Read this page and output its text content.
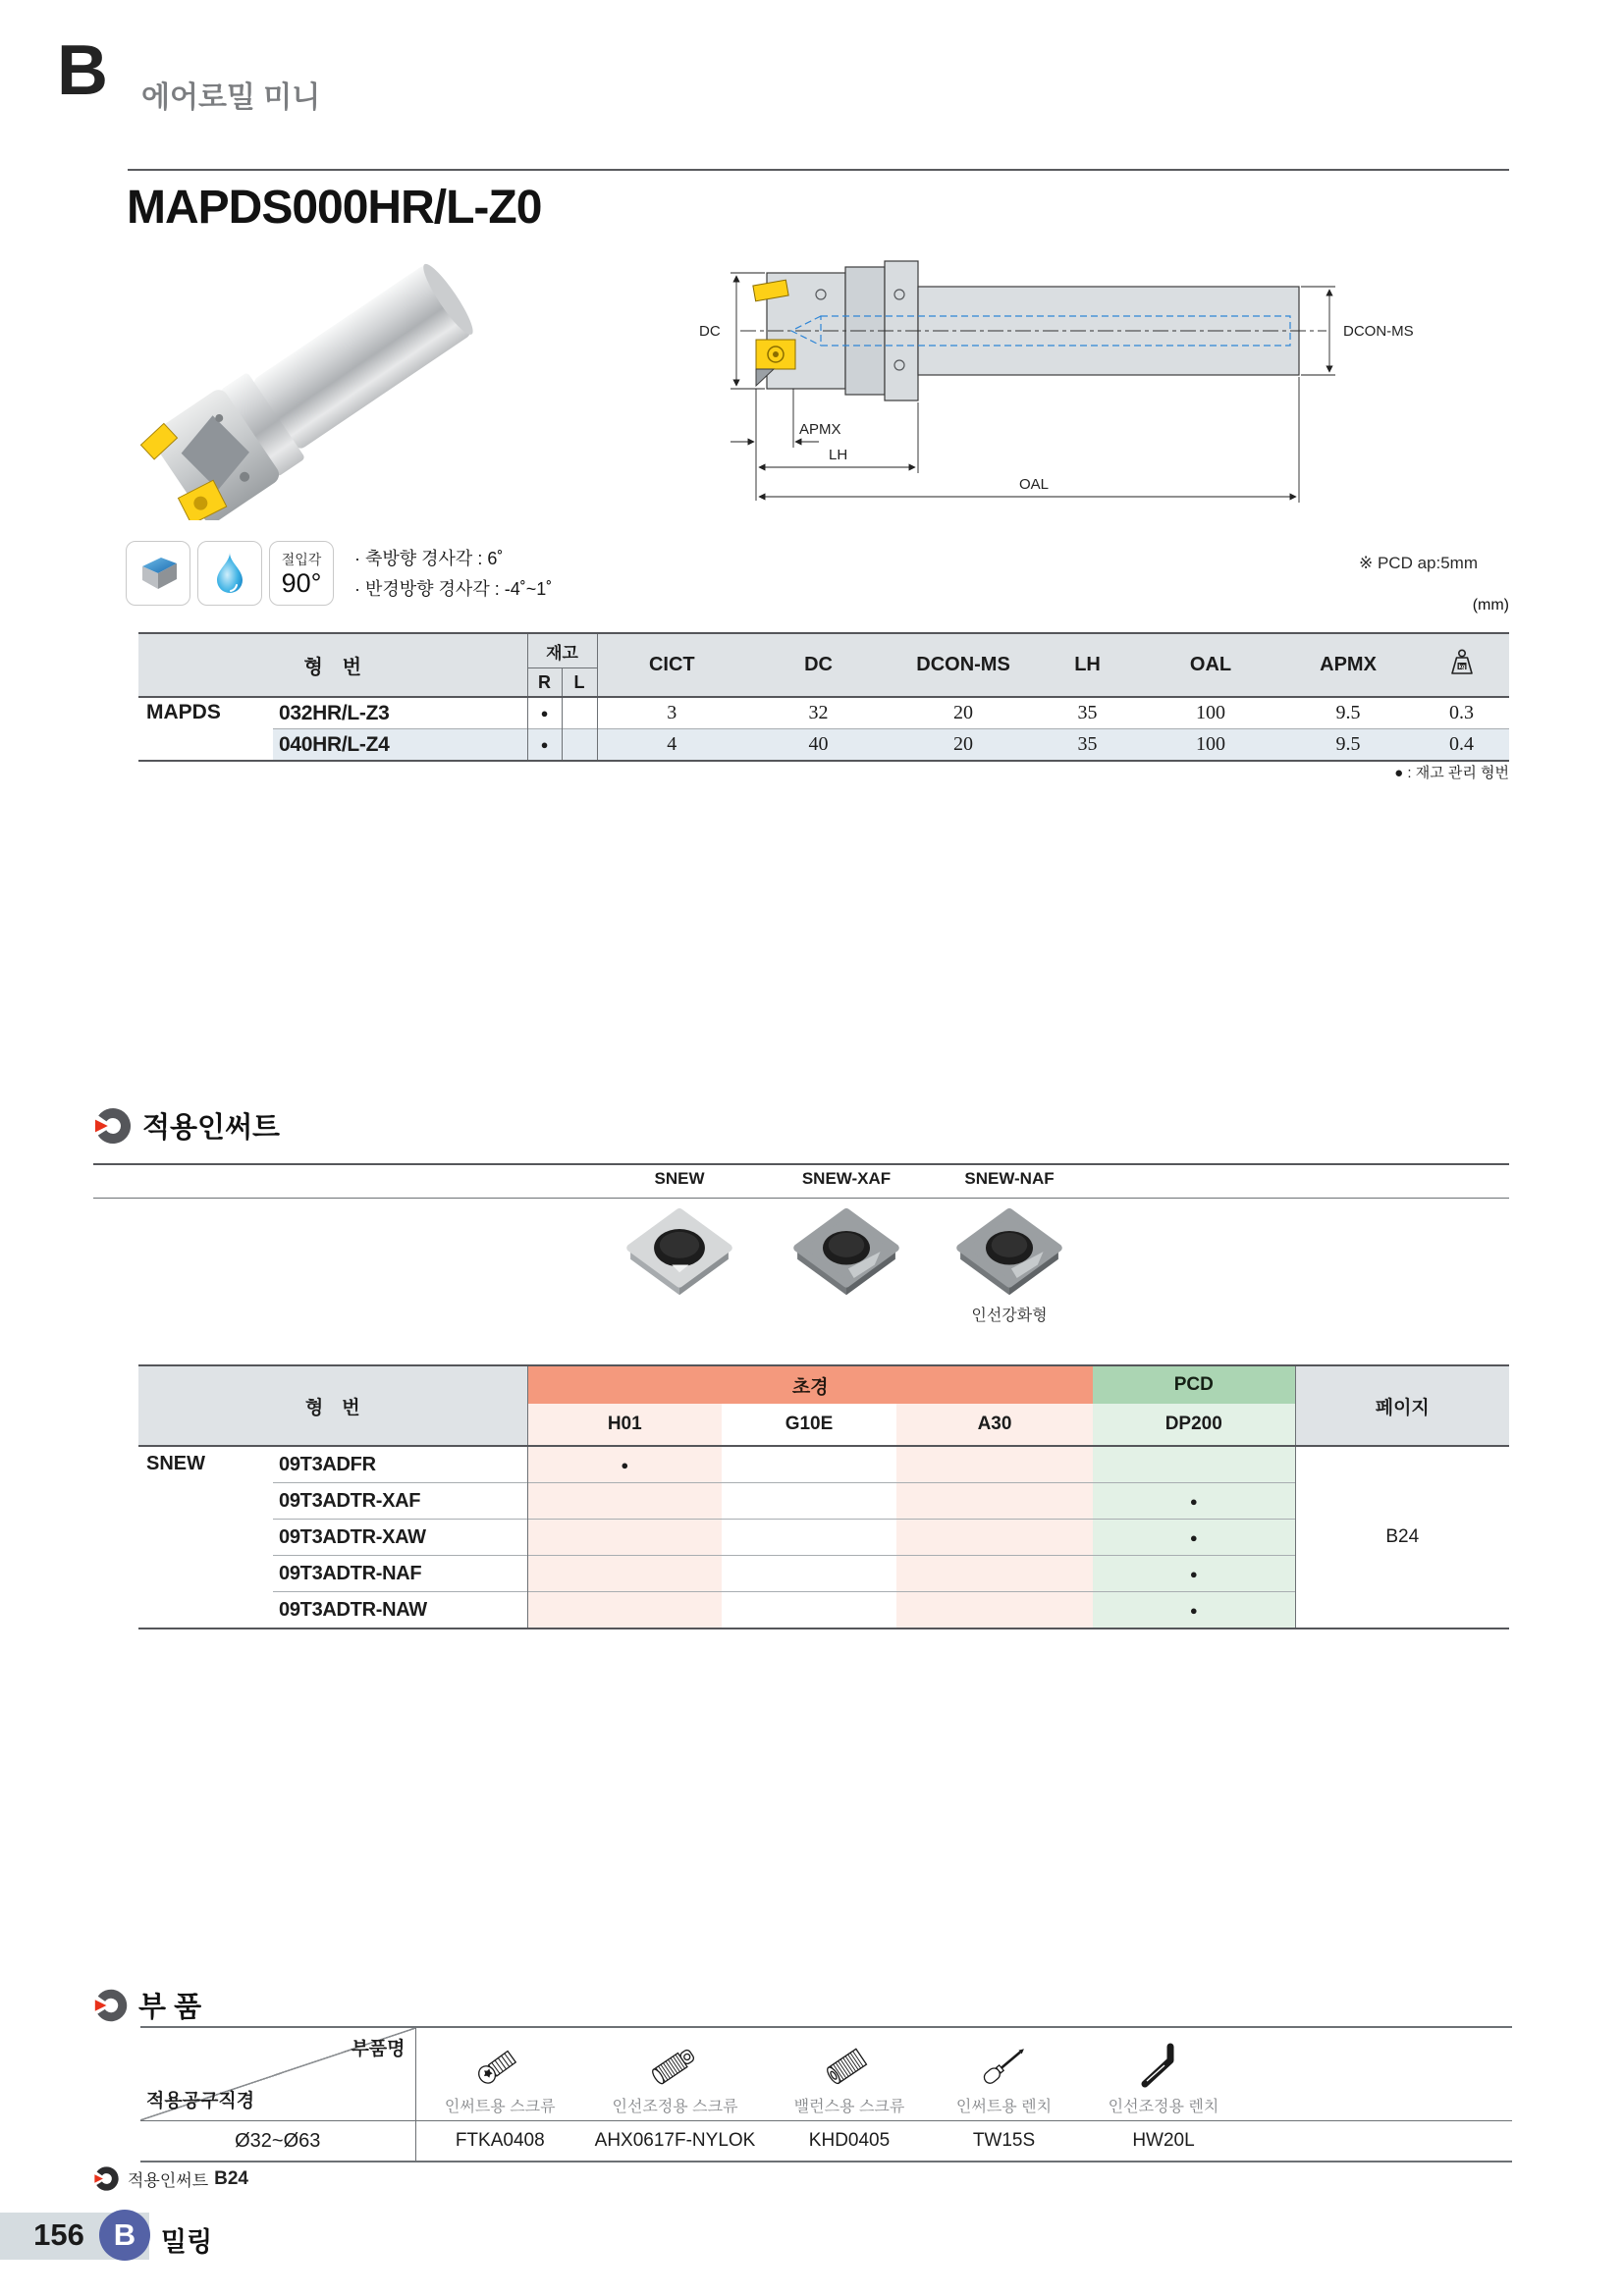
B 에어로밀 미니
MAPDS000HR/L-Z0
DC	DCON-MS
APMX
LH
OAL
절입각
90°
· 축방향 경사각 : 6˚
· 반경방향 경사각 : -4˚~1˚
※ PCD ap:5mm
(mm)
형　번		재고		CICT	DC	DCON-MS	LH	OAL	APMX	kg

		R	L							
MAPDS	032HR/L-Z3	●		3	32	20	35	100	9.5	0.3
	040HR/L-Z4	●		4	40	20	35	100	9.5	0.4
● : 재고 관리 형번
적용인써트
SNEW	SNEW-XAF	SNEW-NAF
인선강화형
형　번		초경			PCD	페이지
		H01	G10E	A30	DP200	
SNEW	09T3ADFR	●				B24
	09T3ADTR-XAF				●	
	09T3ADTR-XAW				●	
	09T3ADTR-NAF				●	
	09T3ADTR-NAW				●	
부 품
부품명
적용공구직경	인써트용 스크류	인선조정용 스크류	밸런스용 스크류	인써트용 렌치	인선조정용 렌치	

Ø32~Ø63	FTKA0408	AHX0617F-NYLOK	KHD0405	TW15S	HW20L	
적용인써트 B24
156 B 밀링
